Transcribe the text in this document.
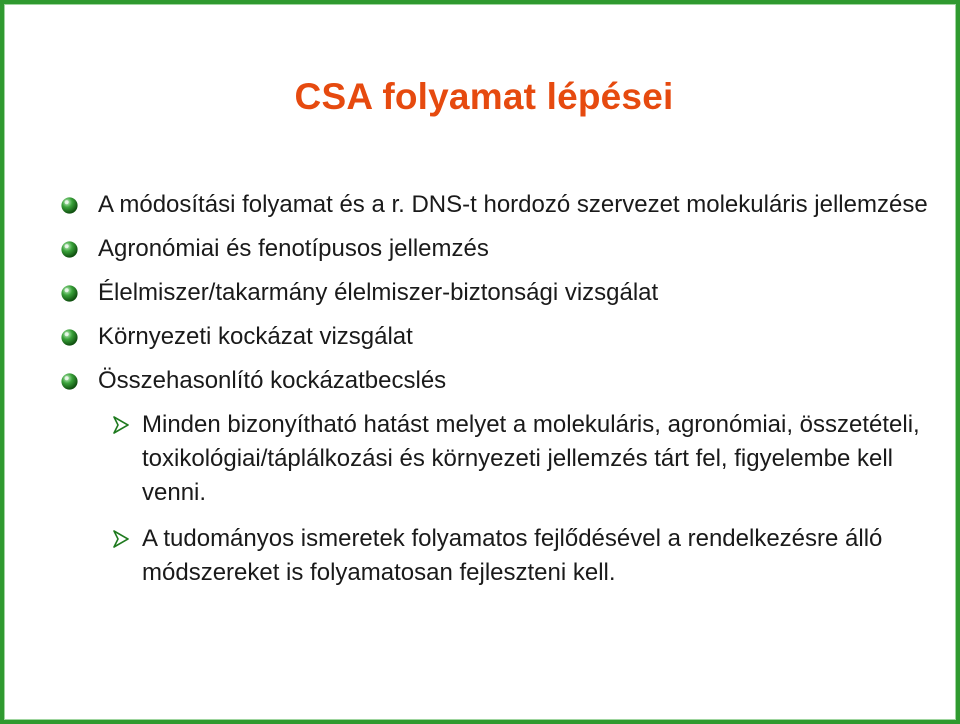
CSA folyamat lépései
A módosítási folyamat és a r. DNS-t hordozó szervezet molekuláris jellemzése
Agronómiai és fenotípusos jellemzés
Élelmiszer/takarmány élelmiszer-biztonsági vizsgálat
Környezeti kockázat vizsgálat
Összehasonlító kockázatbecslés
Minden bizonyítható hatást melyet a molekuláris, agronómiai, összetételi, toxikológiai/táplálkozási és környezeti jellemzés tárt fel, figyelembe kell venni.
A tudományos ismeretek folyamatos fejlődésével a rendelkezésre álló módszereket is folyamatosan fejleszteni kell.
